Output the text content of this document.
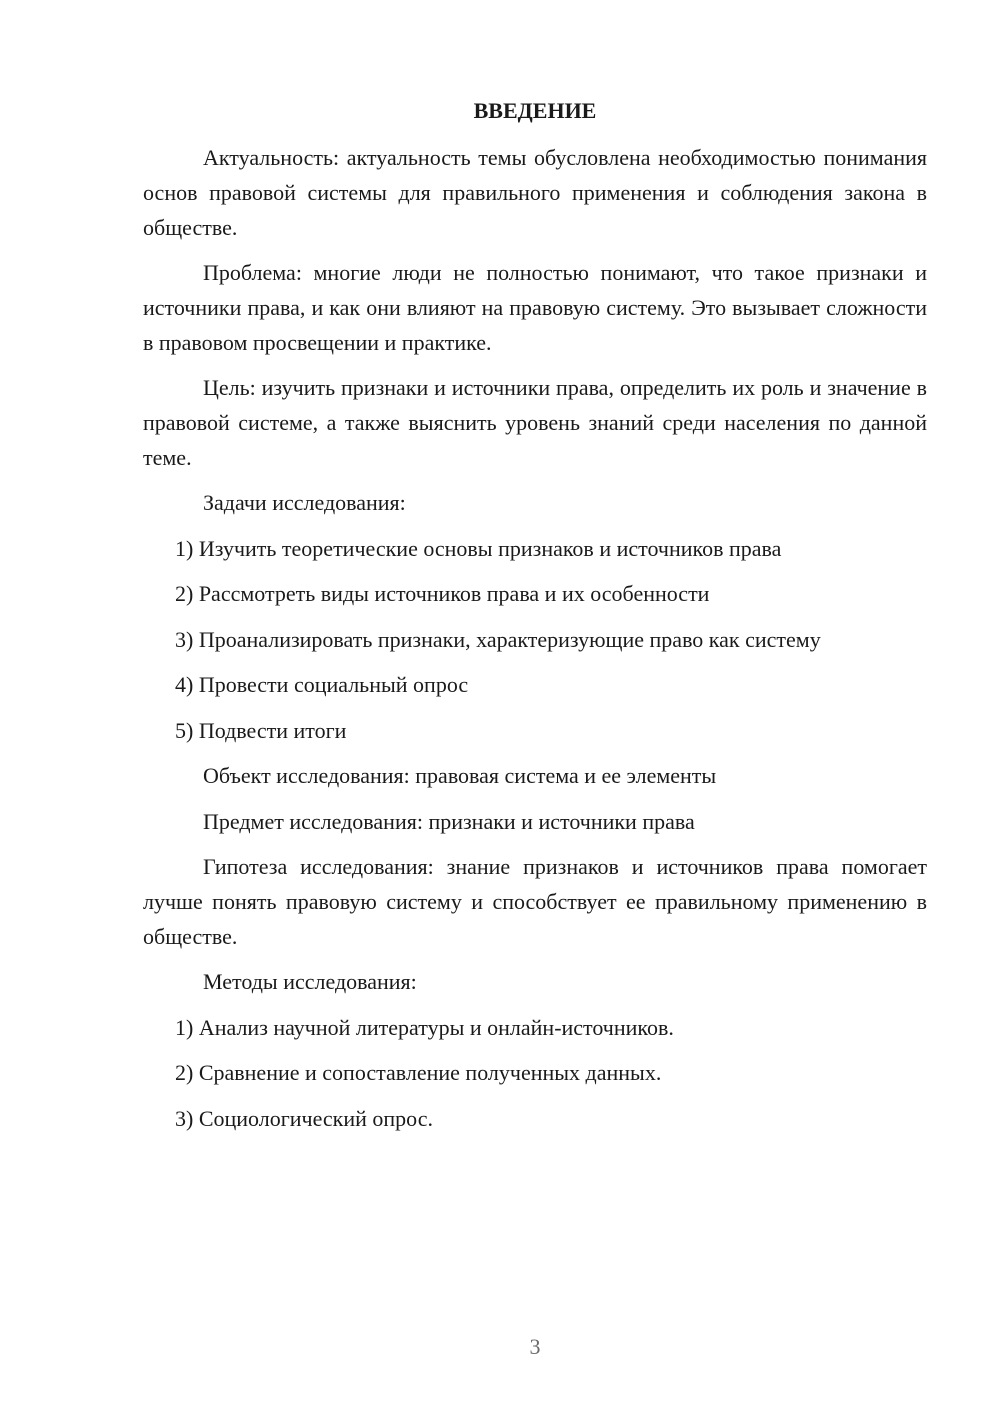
ВВЕДЕНИЕ

Актуальность: актуальность темы обусловлена необходимостью понимания основ правовой системы для правильного применения и соблюдения закона в обществе.

Проблема: многие люди не полностью понимают, что такое признаки и источники права, и как они влияют на правовую систему. Это вызывает сложности в правовом просвещении и практике.

Цель: изучить признаки и источники права, определить их роль и значение в правовой системе, а также выяснить уровень знаний среди населения по данной теме.

Задачи исследования:
1) Изучить теоретические основы признаков и источников права
2) Рассмотреть виды источников права и их особенности
3) Проанализировать признаки, характеризующие право как систему
4) Провести социальный опрос
5) Подвести итоги
Объект исследования: правовая система и ее элементы
Предмет исследования: признаки и источники права

Гипотеза исследования: знание признаков и источников права помогает лучше понять правовую систему и способствует ее правильному применению в обществе.

Методы исследования:
1) Анализ научной литературы и онлайн-источников.
2) Сравнение и сопоставление полученных данных.
3) Социологический опрос.
3
